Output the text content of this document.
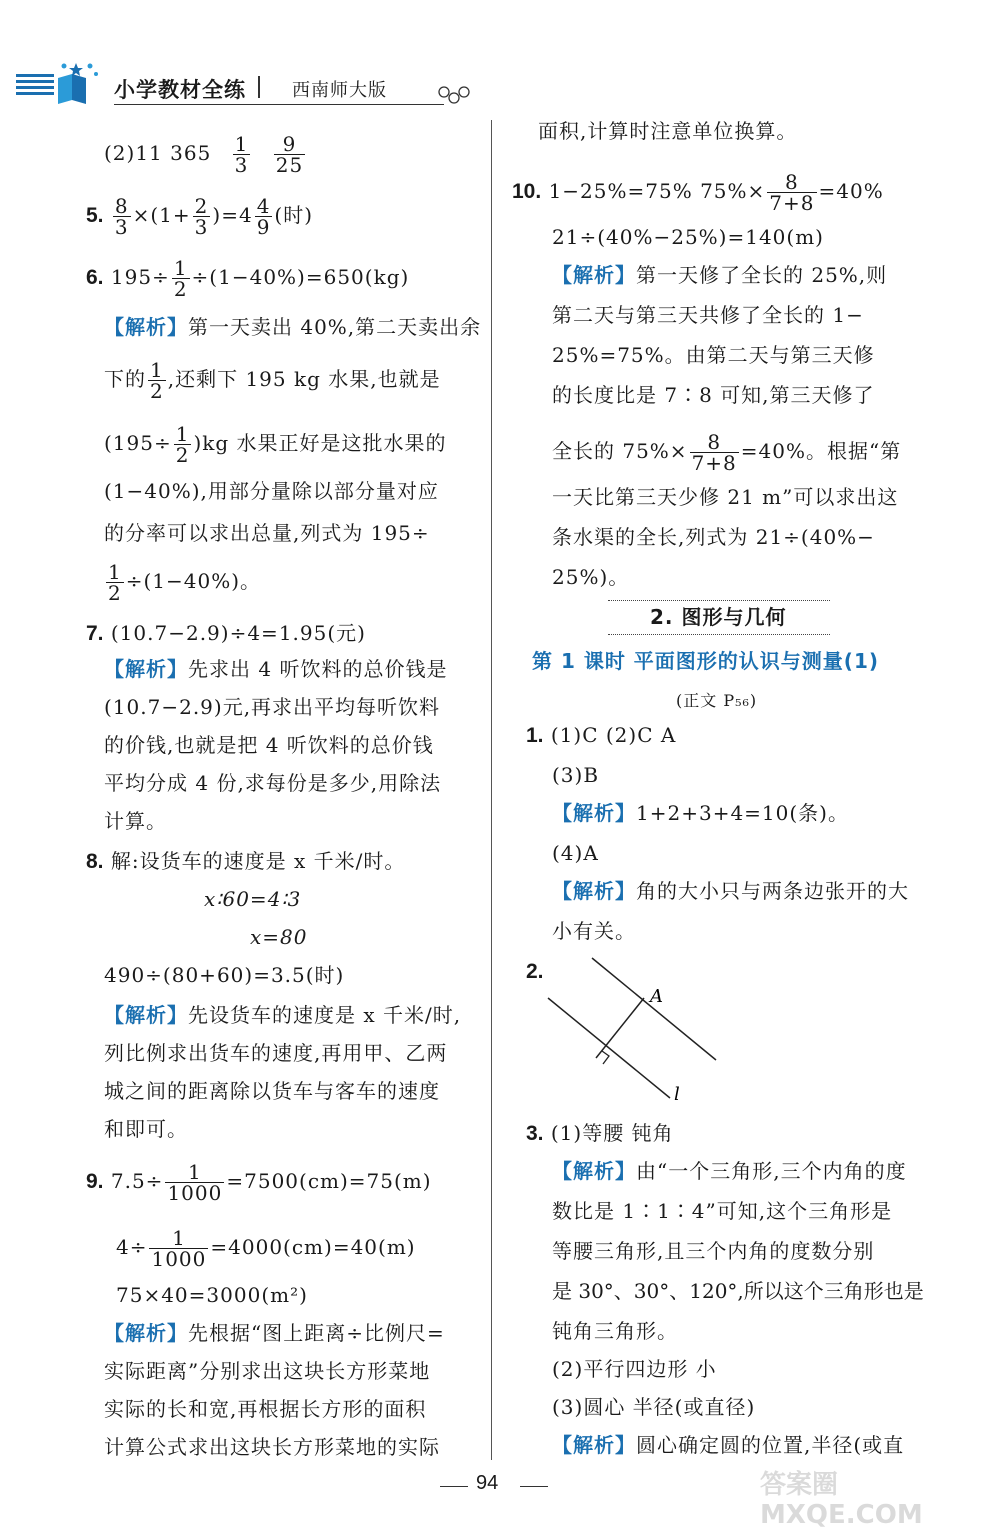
小学教材全练	西南师大版
(2)11 $365 \frac{1}{3}$
$\frac{9}{25}$
5. $\frac{8}{3} \times(1+ \frac{2}{3} )=4 \frac{4}{9}$ (时)
6. $195\div \frac{1}{2} \div(1-40\%)=650(kg)$
【解析】第一天卖出 40%,第二天卖出余
下的 $\frac{1}{2}$ ,还剩下 195 kg 水果,也就是
$(195\div \frac{1}{2} )kg$ 水果正好是这批水果的
(1−40%),用部分量除以部分量对应
的分率可以求出总量,列式为 195÷
$\frac{1}{2} \div(1-40\%)$。
7. (10.7−2.9)÷4=1.95(元)
【解析】先求出 4 听饮料的总价钱是
(10.7−2.9)元,再求出平均每听饮料
的价钱,也就是把 4 听饮料的总价钱
平均分成 4 份,求每份是多少,用除法
计算。
8. 解:设货车的速度是 x 千米/时。
x∶60=4∶3
x=80
490÷(80+60)=3.5(时)
【解析】先设货车的速度是 x 千米/时,
列比例求出货车的速度,再用甲、乙两
城之间的距离除以货车与客车的速度
和即可。
9. $7.5\div \frac{1}{1000} =7500(cm)=75(m)$
$4\div \frac{1}{1000} =4000(cm)=40(m)$
75×40=3000(m²)
【解析】先根据“图上距离÷比例尺=
实际距离”分别求出这块长方形菜地
实际的长和宽,再根据长方形的面积
计算公式求出这块长方形菜地的实际
面积,计算时注意单位换算。
10. 1−25%=75% $75\%\times \frac{8}{7+8} =40\%$
21÷(40%−25%)=140(m)
【解析】第一天修了全长的 25%,则
第二天与第三天共修了全长的 1−
25%=75%。由第二天与第三天修
的长度比是 7∶8 可知,第三天修了
全长的 $75\%\times \frac{8}{7+8} =40\%$。根据“第
一天比第三天少修 21 m”可以求出这
条水渠的全长,列式为 21÷(40%−
25%)。
2. 图形与几何
第 1 课时 平面图形的认识与测量(1)
(正文 P₅₆)
1. (1)C (2)C A
(3)B
【解析】1+2+3+4=10(条)。
(4)A
【解析】角的大小只与两条边张开的大
小有关。
2.
A
l
3. (1)等腰 钝角
【解析】由“一个三角形,三个内角的度
数比是 1∶1∶4”可知,这个三角形是
等腰三角形,且三个内角的度数分别
是 30°、30°、120°,所以这个三角形也是
钝角三角形。
(2)平行四边形 小
(3)圆心 半径(或直径)
【解析】圆心确定圆的位置,半径(或直
94	答案圈 MXQE.COM
